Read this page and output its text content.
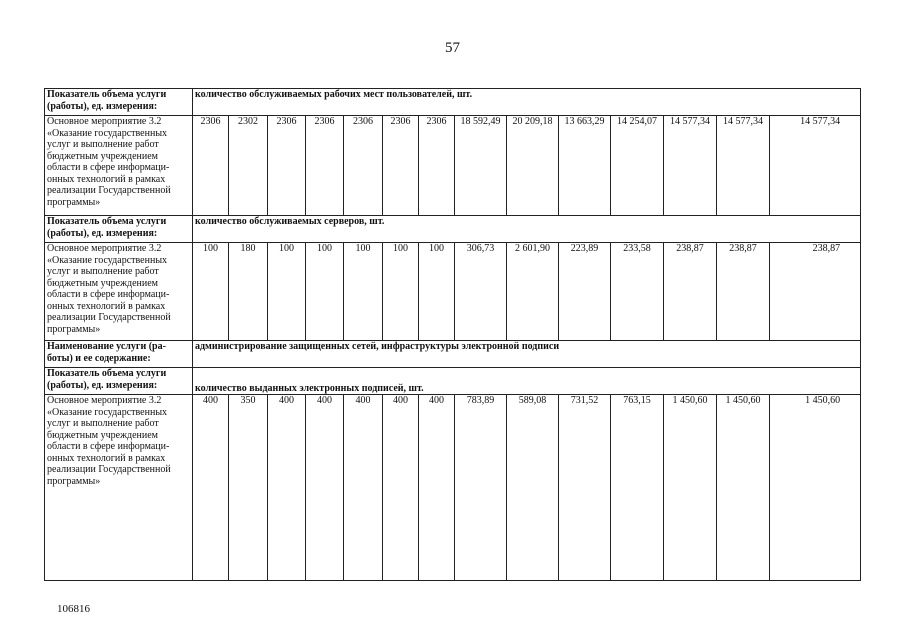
57
Показатель объема услуги (работы), ед. измерения:	количество обслуживаемых рабочих мест пользователей, шт.													
Основное мероприятие 3.2 «Оказание государственных услуг и выполнение работ бюджетным учреждением области в сфере информаци-онных технологий в рамках реализации Государственной программы»	2306	2302	2306	2306	2306	2306	2306	18 592,49	20 209,18	13 663,29	14 254,07	14 577,34	14 577,34	14 577,34
Показатель объема услуги (работы), ед. измерения:	количество обслуживаемых серверов, шт.													
Основное мероприятие 3.2 «Оказание государственных услуг и выполнение работ бюджетным учреждением области в сфере информаци-онных технологий в рамках реализации Государственной программы»	100	180	100	100	100	100	100	306,73	2 601,90	223,89	233,58	238,87	238,87	238,87
Наименование услуги (ра-боты) и ее содержание:	администрирование защищенных сетей, инфраструктуры электронной подписи													
Показатель объема услуги (работы), ед. измерения:	количество выданных электронных подписей, шт.													
Основное мероприятие 3.2 «Оказание государственных услуг и выполнение работ бюджетным учреждением области в сфере информаци-онных технологий в рамках реализации Государственной программы»	400	350	400	400	400	400	400	783,89	589,08	731,52	763,15	1 450,60	1 450,60	1 450,60
106816
